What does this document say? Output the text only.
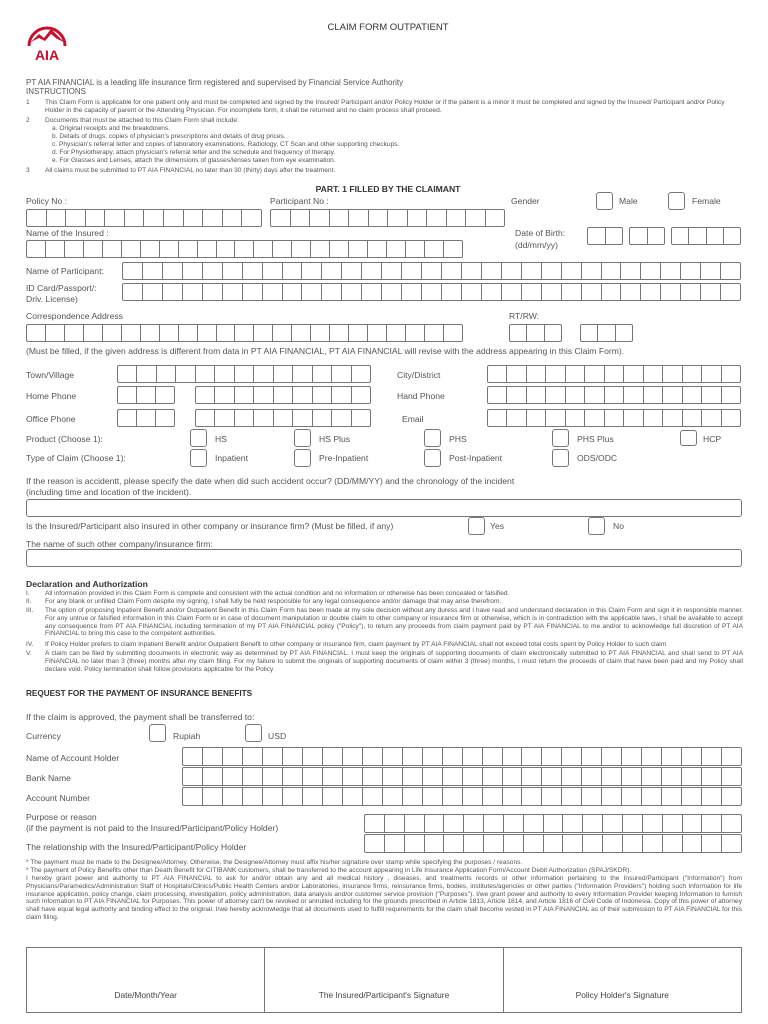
AIA
CLAIM FORM OUTPATIENT
PT AIA FINANCIAL is a leading life insurance firm registered and supervised by Financial Service Authority
INSTRUCTIONS
1 This Claim Form is applicable for one patient only and must be completed and signed by the Insured/ Participant and/or Policy Holder or if the patient is a minor it must be completed and signed by the Insured/ Participant and/or Policy Holder in the capacity of parent or the Attending Physician. For incomplete form, it shall be returned and no claim process shall proceed.
2 Documents that must be attached to this Claim Form shall include:
a. Original receipts and the breakdowns.
b. Details of drugs, copies of physician's prescriptions and details of drug prices.
c. Physician's referral letter and copies of laboratory examinations, Radiology, CT Scan and other supporting checkups.
d. For Physiotherapy, attach physician's referral letter and the schedule and frequency of therapy.
e. For Glasses and Lenses, attach the dimensions of glasses/lenses taken from eye examination.
3 All claims must be submitted to PT AIA FINANCIAL no later than 30 (thirty) days after the treatment.
PART. 1 FILLED BY THE CLAIMANT
Policy No :	Participant No :	Gender	Male	Female
Name of the Insured :	Date of Birth:
(dd/mm/yy)
Name of Participant:
ID Card/Passport/:
Driv. License)
Correspondence Address	RT/RW:
(Must be filled, if the given address is different from data in PT AIA FINANCIAL, PT AIA FINANCIAL will revise with the address appearing in this Claim Form).
Town/Village	City/District
Home Phone	Hand Phone
Office Phone	Email
Product (Choose 1):	HS	HS Plus	PHS	PHS Plus	HCP
Type of Claim (Choose 1):	Inpatient	Pre-Inpatient	Post-Inpatient	ODS/ODC
If the reason is accidentt, please specify the date when did such accident occur? (DD/MM/YY) and the chronology of the incident
(including time and location of the incident).
Is the Insured/Participant also insured in other company or insurance firm? (Must be filled, if any)	Yes	No
The name of such other company/insurance firm:
Declaration and Authorization
I. All information provided in this Claim Form is complete and consistent with the actual condition and no information or otherwise has been concealed or falsified.
II. For any blank or unfilled Claim Form despite my signing, I shall fully be held responsible for any legal consequence and/or damage that may arise therefrom.
III. The option of proposing Inpatient Benefit and/or Outpatient Benefit in this Claim Form has been made at my sole decision without any duress and I have read and understand declaration in this Claim Form and sign it in responsible manner. For any untrue or falsified information in this Claim Form or in case of document manipulation or double claim to other company or insurance firm or otherwise, which is in contradiction with the applicable laws, I shall be available to accept any consequence from PT AIA FINANCIAL including termination of my PT AIA FINANCIAL policy ("Policy"), to return any proceeds from claim payment paid by PT AIA FINANCIAL to me and/or to acknowledge full discretion of PT AIA FINANCIAL to bring this case to the competent authorities.
IV. If Policy Holder prefers to claim Inpatient Benefit and/or Outpatient Benefit to other company or insurance firm, claim payment by PT AIA FINANCIAL shall not exceed total costs spent by Policy Holder to such claim
V. A claim can be filed by submitting documents in electronic way as determined by PT AIA FINANCIAL. I must keep the originals of supporting documents of claim electronically submitted to PT AIA FINANCIAL and shall send to PT AIA FINANCIAL no later than 3 (three) months after my claim filing. For my failure to submit the originals of supporting documents of claim within 3 (three) months, I must return the proceeds of claim that have been paid and my Policy shall declare void. Policy termination shall follow provisions applicable for the Policy
REQUEST FOR THE PAYMENT OF INSURANCE BENEFITS
If the claim is approved, the payment shall be transferred to:
Currency	Rupiah	USD
Name of Account Holder
Bank Name
Account Number
Purpose or reason
(if the payment is not paid to the Insured/Participant/Policy Holder)
The relationship with the Insured/Participant/Policy Holder
* The payment must be made to the Designee/Attorney. Otherwise, the Designee/Attorney must affix his/her signature over stamp while specifying the purposes / reasons.
* The payment of Policy Benefits other than Death Benefit for CITIBANK customers, shall be transferred to the account appearing in Life Insurance Application Form/Account Debit Authorization (SPAJ/SKDR).
I hereby grant power and authority to PT AIA FINANCIAL to ask for and/or obtain any and all medical history , diseases, and treatments records or other information pertaining to the Insured/Participant ("Information") from Physicians/Paramedics/Administration Staff of Hospitals/Clinics/Public Health Centers and/or Laboratories, insurance firms, reinsurance firms, bodies, institutes/agencies or other parties ("Information Providers") holding such Information for life insurance application, policy change, claim processing, investigation, policy administration, data analysis and/or customer service provision ("Purposes"). I/we grant power and authority to every Information Provider keeping Information to furnish such Information to PT AIA FINANCIAL for Purposes. This power of attorney can't be revoked or annulled including for the grounds prescribed in Article 1813, Article 1814, and Article 1816 of Civil Code of Indonesia. Copy of this power of attorney shall have equal legal authority and binding effect to the original. I/we hereby acknowledge that all documents used to fulfill requirements for the claim shall become vested in PT AIA FINANCIAL as of their submission to PT AIA FINANCIAL for this claim filing.
Date/Month/Year	The Insured/Participant's Signature	Policy Holder's Signature
